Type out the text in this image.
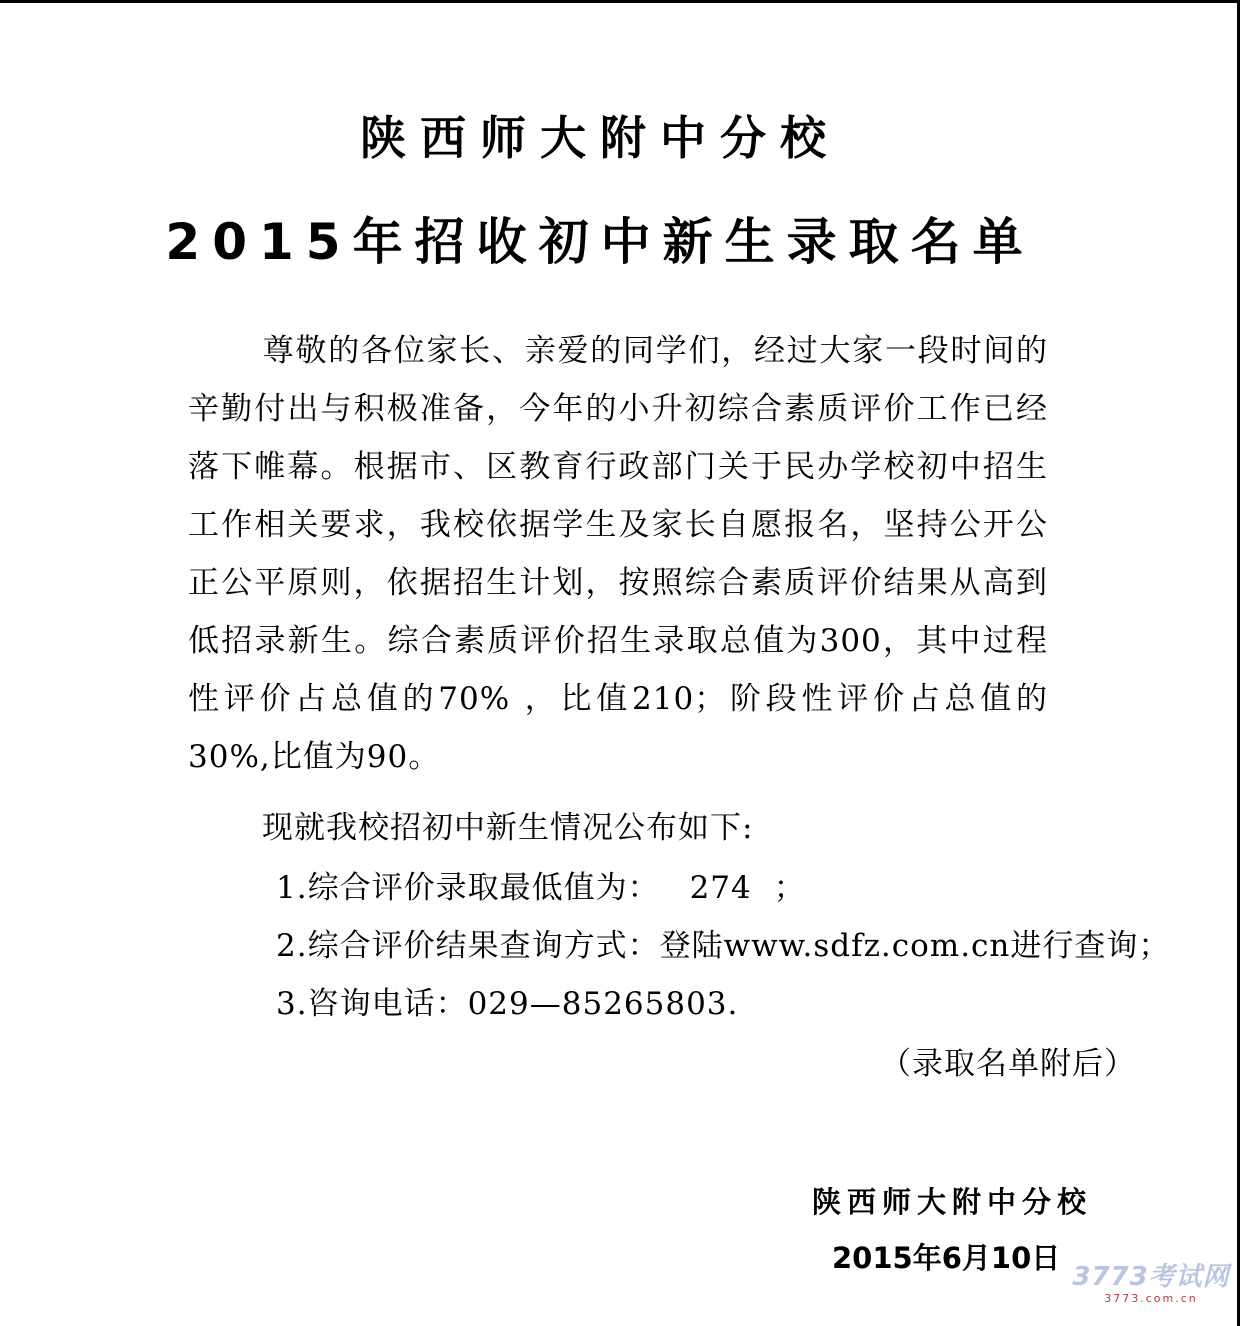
陕西师大附中分校
2015年招收初中新生录取名单
尊敬的各位家长、亲爱的同学们，经过大家一段时间的辛勤付出与积极准备，今年的小升初综合素质评价工作已经落下帷幕。根据市、区教育行政部门关于民办学校初中招生工作相关要求，我校依据学生及家长自愿报名，坚持公开公正公平原则，依据招生计划，按照综合素质评价结果从高到低招录新生。综合素质评价招生录取总值为300，其中过程性评价占总值的70% ，比值210；阶段性评价占总值的30%,比值为90。
现就我校招初中新生情况公布如下:
1.综合评价录取最低值为： 274 ；
2.综合评价结果查询方式：登陆www.sdfz.com.cn进行查询；
3.咨询电话：029—85265803.
（录取名单附后）
陕西师大附中分校
2015年6月10日
3773考试网
3773.com.cn
